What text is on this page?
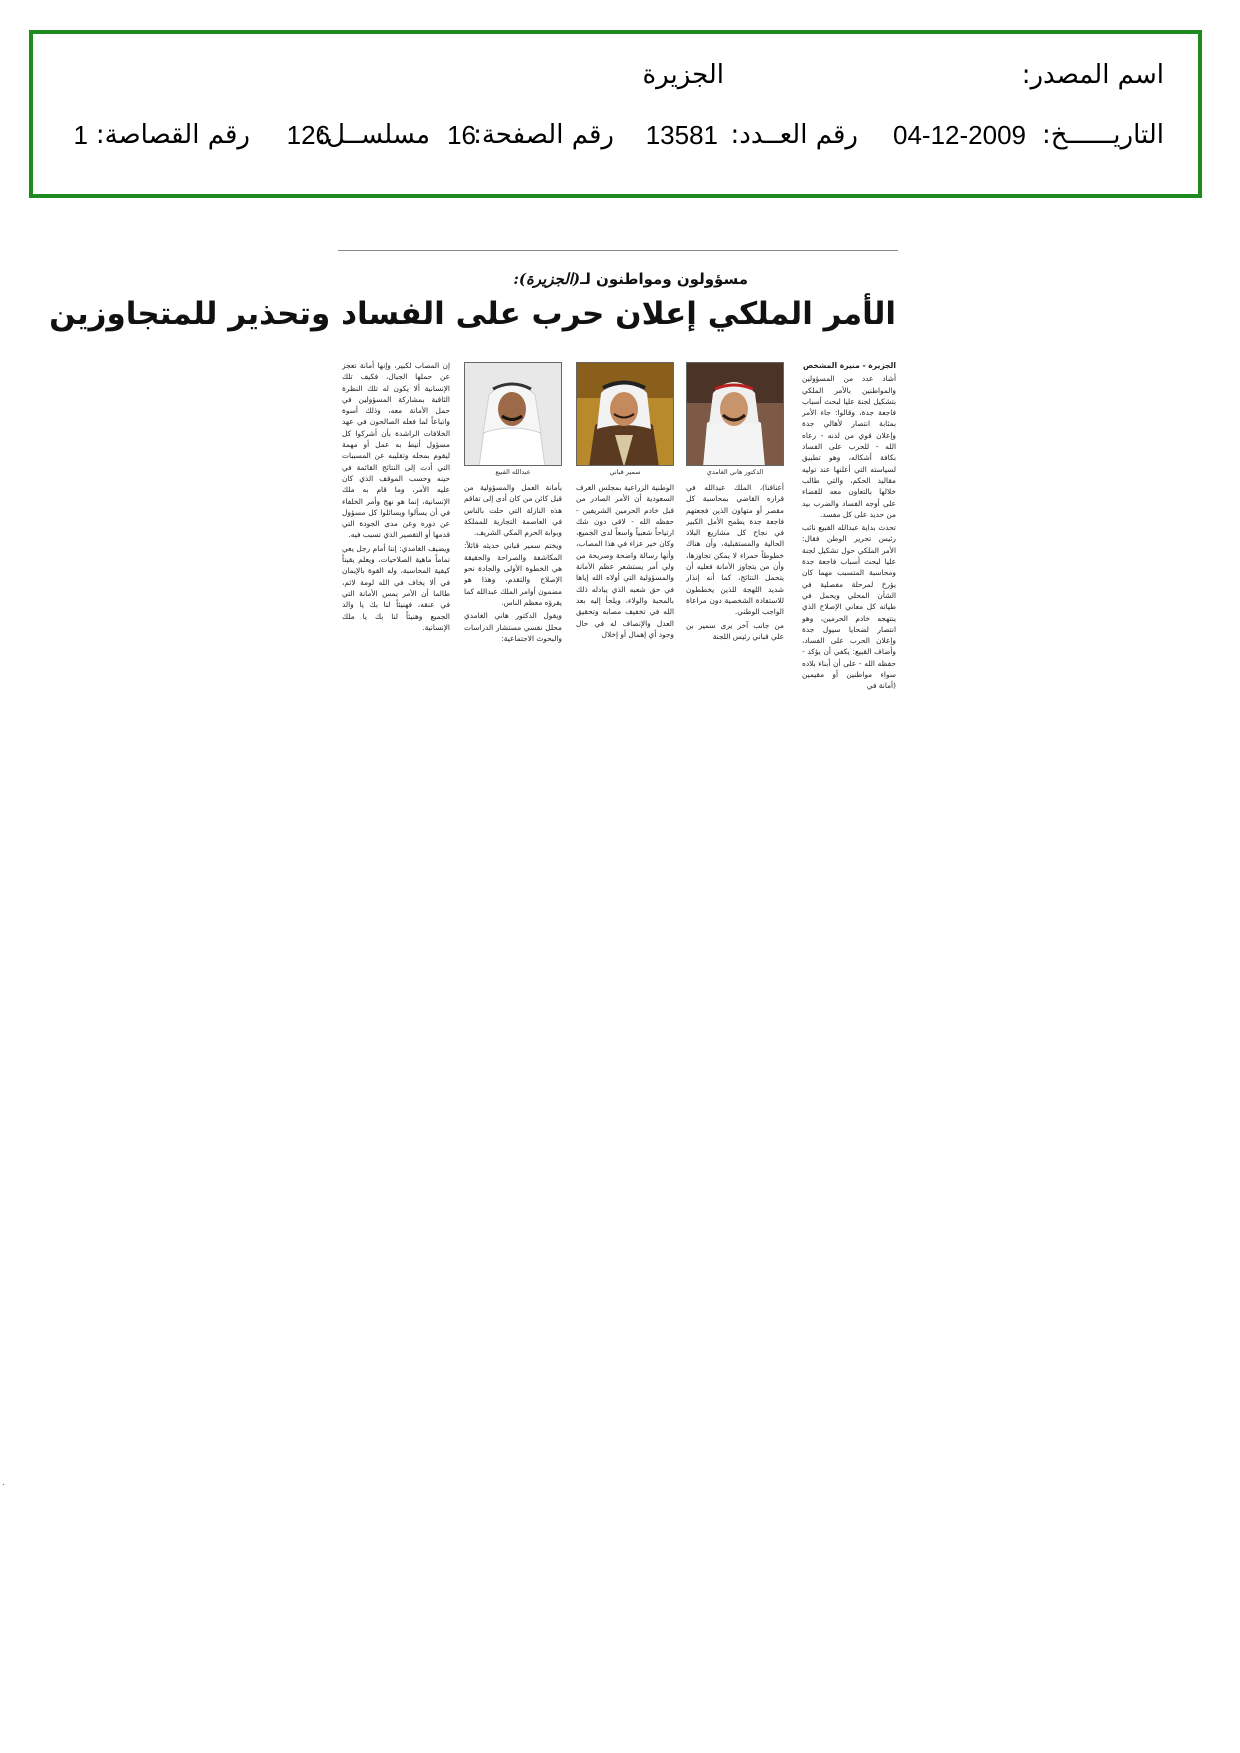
اسم المصدر:
الجزيرة
التاريــــــخ:
04-12-2009
رقم العــدد:
13581
رقم الصفحة:
16
مسلســل:
126
رقم القصاصة:
1
مسؤولون ومواطنون لـ(الجزيرة):
الأمر الملكي إعلان حرب على الفساد وتحذير للمتجاوزين
الجزيرة - منيرة المشخص

أشاد عدد من المسؤولين والمواطنين بالأمر الملكي بتشكيل لجنة عليا لبحث أسباب فاجعة جدة، وقالوا: جاء الأمر بمثابة انتصار لأهالي جدة وإعلان قوي من لدنه - رعاه الله - للحرب على الفساد بكافة أشكاله، وهو تطبيق لسياسته التي أعلنها عند توليه مقاليد الحكم، والتي طالب خلالها بالتعاون معه للقضاء على أوجه الفساد والضرب بيد من حديد على كل مفسد.

تحدث بداية عبدالله القبيع نائب رئيس تحرير الوطن فقال: الأمر الملكي حول تشكيل لجنة عليا لبحث أسباب فاجعة جدة ومحاسبة المتسبب مهما كان يؤرخ لمرحلة مفصلية في الشأن المحلي ويحمل في طياته كل معاني الإصلاح الذي ينتهجه خادم الحرمين، وهو انتصار لضحايا سيول جدة وإعلان الحرب على الفساد، وأضاف القبيع: يكفي أن يؤكد - حفظه الله - على أن أبناء بلاده سواء مواطنين أو مقيمين (أمانة في

الدكتور هاني الغامدي
سمير قباني
عبدالله القبيع

أعناقنا)، الملك عبدالله في قراره القاضي بمحاسبة كل مقصر أو متهاون الذين فجعتهم فاجعة جدة يطمح الأمل الكبير في نجاح كل مشاريع البلاد الحالية والمستقبلية، وأن هناك خطوطاً حمراء لا يمكن تجاوزها، وأن من يتجاوز الأمانة فعليه أن يتحمل النتائج، كما أنه إنذار شديد اللهجة للذين يخططون للاستفادة الشخصية دون مراعاة الواجب الوطني.

من جانب آخر يرى سمير بن علي قباني رئيس اللجنة

الوطنية الزراعية بمجلس الغرف السعودية أن الأمر الصادر من قبل خادم الحرمين الشريفين - حفظه الله - لاقى دون شك ارتياحاً شعبياً واسعاً لدى الجميع، وكان خير عزاء في هذا المصاب، وأنها رسالة واضحة وصريحة من ولي أمر يستشعر عظم الأمانة والمسؤولية التي أولاه الله إياها في حق شعبه الذي يبادله ذلك بالمحبة والولاء، ويلجأ إليه بعد الله في تخفيف مصابه وتحقيق العدل والإنصاف له في حال وجود أي إهمال أو إخلال

بأمانة العمل والمسؤولية من قبل كائن من كان أدى إلى تفاقم هذه النازلة التي حلت بالناس في العاصمة التجارية للمملكة وبوابة الحرم المكي الشريف.

ويختم سمير قباني حديثه قائلاً: المكاشفة والصراحة والحقيقة هي الخطوة الأولى والجادة نحو الإصلاح والتقدم، وهذا هو مضمون أوامر الملك عبدالله كما يقرؤه معظم الناس.

ويقول الدكتور هاني الغامدي محلل نفسي مستشار الدراسات والبحوث الاجتماعية:

إن المصاب لكبير، وإنها أمانة تعجز عن حملها الجبال، فكيف تلك الإنسانية ألا يكون له تلك النظرة الثاقبة بمشاركة المسؤولين في حمل الأمانة معه، وذلك أسوة واتباعاً لما فعله الصالحون في عهد الخلافات الراشدة بأن أشركوا كل مسؤول أنيط به عمل أو مهمة ليقوم بمحله وتقليبه عن المسببات التي أدت إلى النتائج القائمة في حينه وحسب الموقف الذي كان عليه الأمر، وما قام به ملك الإنسانية، إنما هو نهج وأمر الخلفاء في أن يسألوا ويسائلوا كل مسؤول عن دوره وعن مدى الجودة التي قدمها أو التقصير الذي تسبب فيه.

ويضيف الغامدي: إننا أمام رجل يعي تماماً ماهية الصلاحيات، ويعلم يقيناً كيفية المحاسبة، وله القوة بالإيمان في ألا يخاف في الله لومة لائم، طالما أن الأمر يمس الأمانة التي في عنقه، فهنيئاً لنا بك يا والد الجميع وهنيئاً لنا بك يا ملك الإنسانية.

.
